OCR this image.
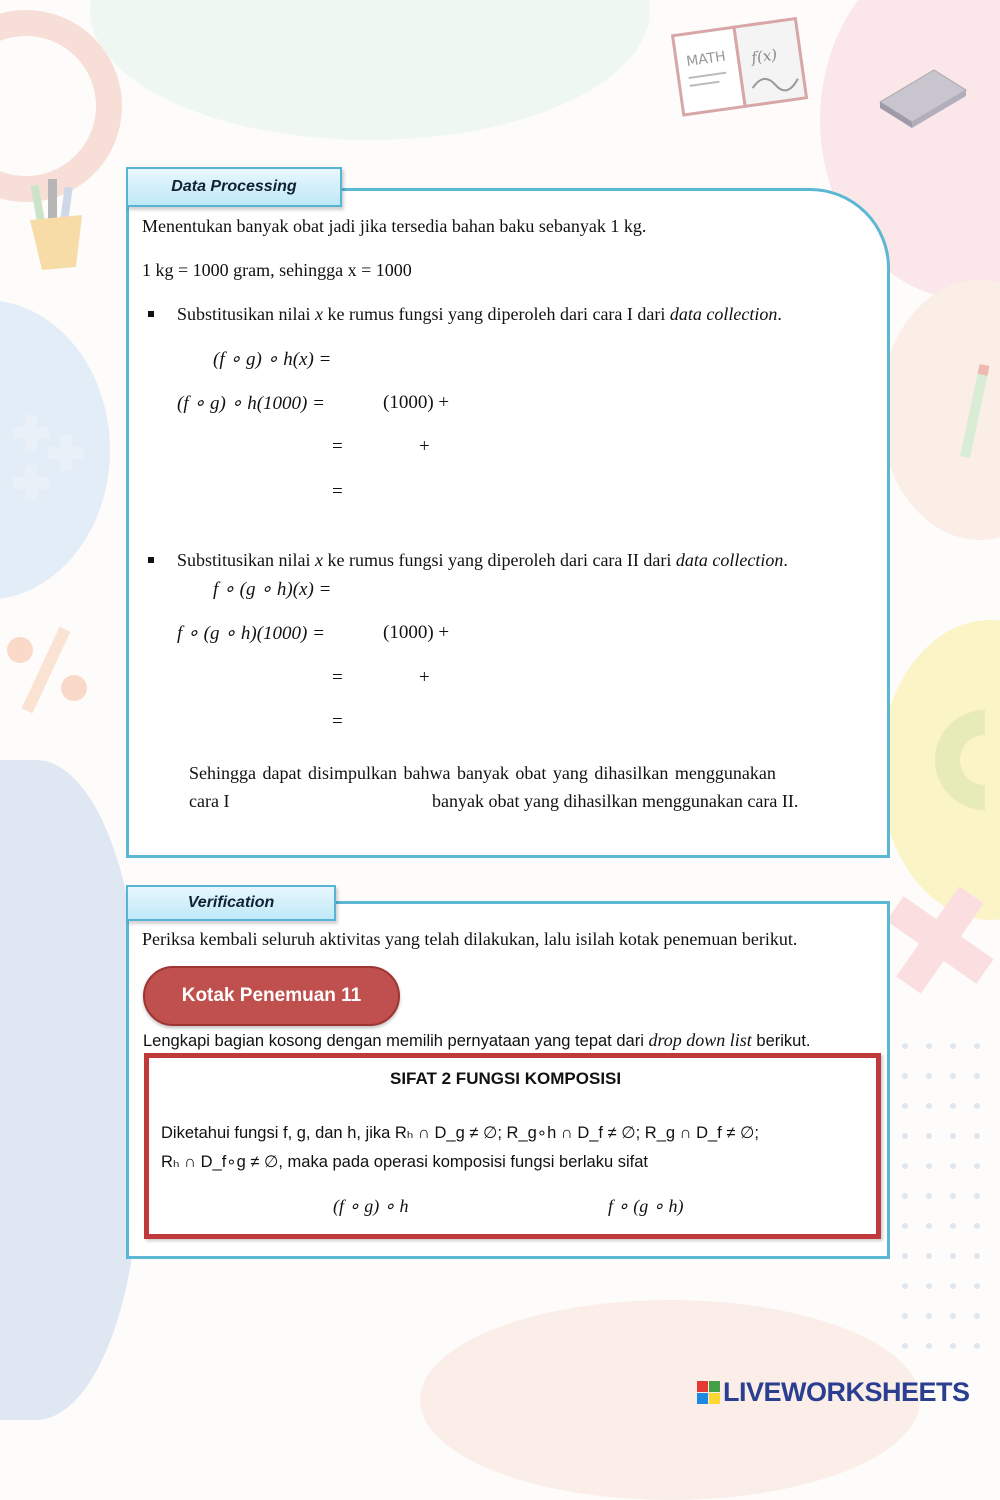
MATH f(x)
Data Processing
Menentukan banyak obat jadi jika tersedia bahan baku sebanyak 1 kg.
1 kg = 1000 gram, sehingga x = 1000
Substitusikan nilai x ke rumus fungsi yang diperoleh dari cara I dari data collection.
(f ∘ g) ∘ h(x) =
(f ∘ g) ∘ h(1000) =	(1000) +
=	+
=
Substitusikan nilai x ke rumus fungsi yang diperoleh dari cara II dari data collection.
f ∘ (g ∘ h)(x) =
f ∘ (g ∘ h)(1000) =	(1000) +
=	+
=
Sehingga dapat disimpulkan bahwa banyak obat yang dihasilkan menggunakan
cara I	banyak obat yang dihasilkan menggunakan cara II.
Verification
Periksa kembali seluruh aktivitas yang telah dilakukan, lalu isilah kotak penemuan berikut.
Kotak Penemuan 11
Lengkapi bagian kosong dengan memilih pernyataan yang tepat dari drop down list berikut.
SIFAT 2 FUNGSI KOMPOSISI
Diketahui fungsi f, g, dan h, jika Rₕ ∩ D_g ≠ ∅; R_g∘h ∩ D_f ≠ ∅; R_g ∩ D_f ≠ ∅;
Rₕ ∩ D_f∘g ≠ ∅, maka pada operasi komposisi fungsi berlaku sifat
(f ∘ g) ∘ h	f ∘ (g ∘ h)
LIVEWORKSHEETS
